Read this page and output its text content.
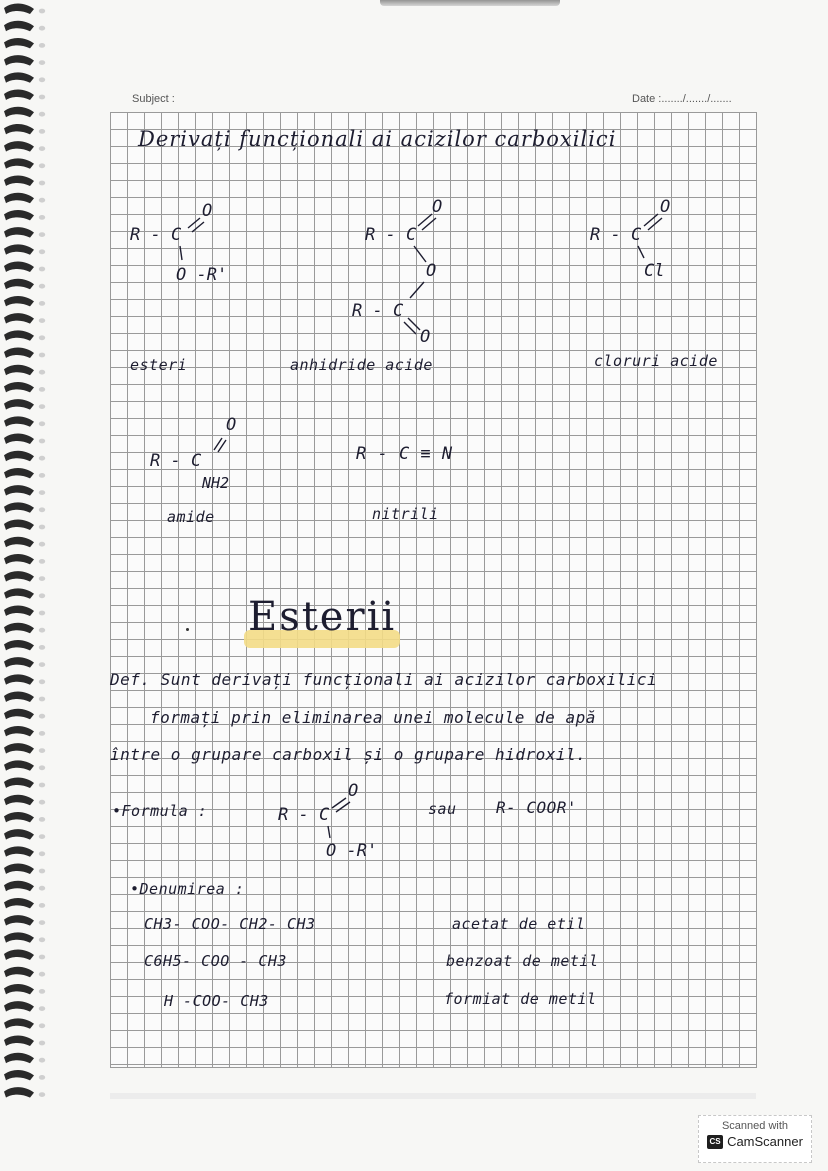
Subject :	Date :......./......./.......
Derivați funcționali ai acizilor carboxilici
R - C
O
O -R'
esteri
R - C
O
O
R - C
O
anhidride acide
R - C
O
Cl
cloruri acide
O
R - C
NH2
amide
R - C ≡ N
nitrili
Esterii
Def. Sunt derivați funcționali ai acizilor carboxilici
formați prin eliminarea unei molecule de apă
între o grupare carboxil și o grupare hidroxil.
•Formula :	R - C
O
O -R'
sau R- COOR'
•Denumirea :
CH3- COO- CH2- CH3	acetat de etil
C6H5- COO - CH3	benzoat de metil
H -COO- CH3	formiat de metil
Scanned with
CS CamScanner
